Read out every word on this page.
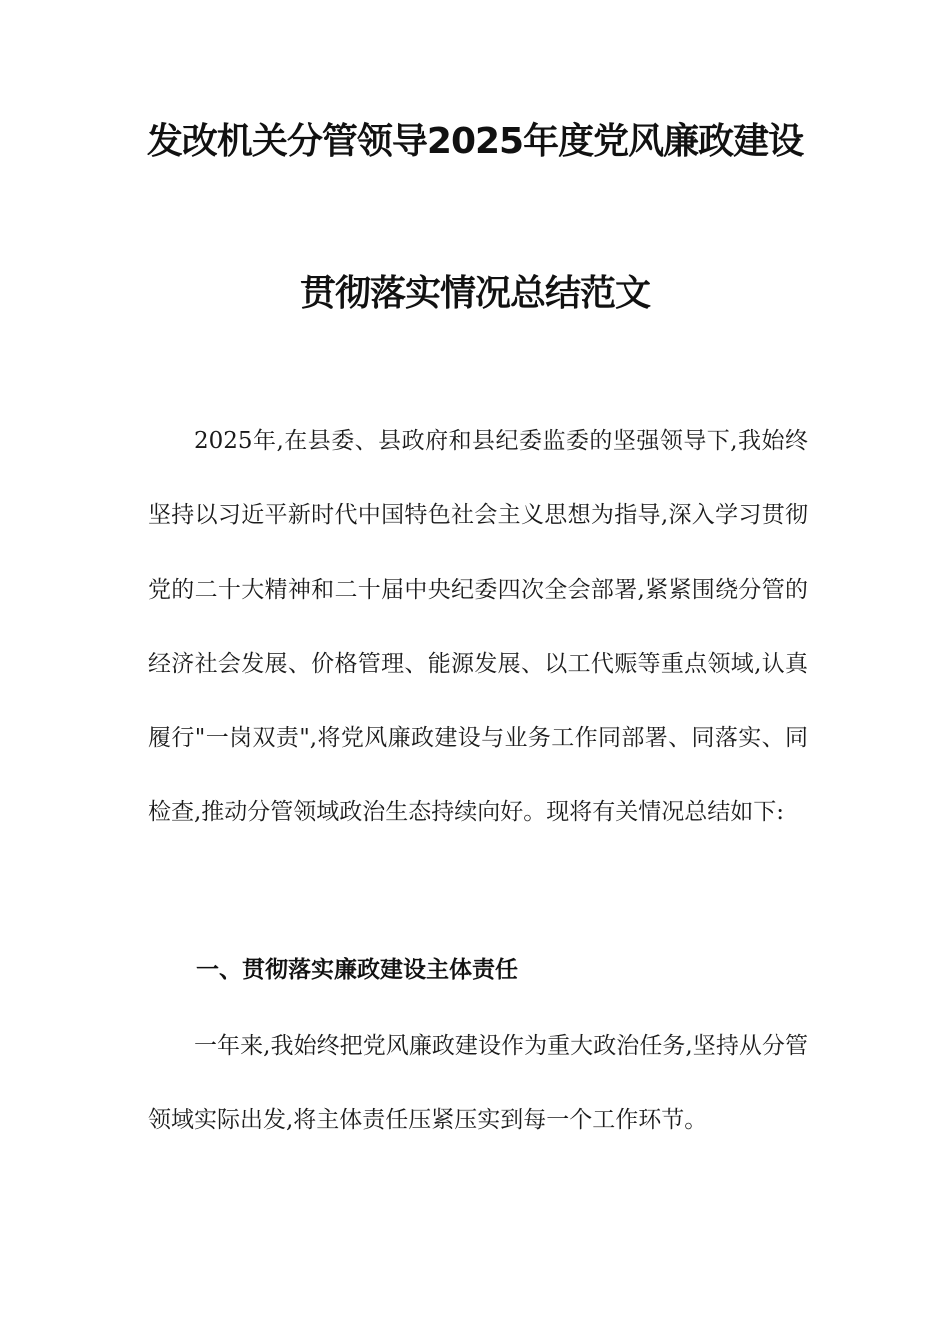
发改机关分管领导2025年度党风廉政建设
贯彻落实情况总结范文

2025年,在县委、县政府和县纪委监委的坚强领导下,我始终坚持以习近平新时代中国特色社会主义思想为指导,深入学习贯彻党的二十大精神和二十届中央纪委四次全会部署,紧紧围绕分管的经济社会发展、价格管理、能源发展、以工代赈等重点领域,认真履行"一岗双责",将党风廉政建设与业务工作同部署、同落实、同检查,推动分管领域政治生态持续向好。现将有关情况总结如下:

一、贯彻落实廉政建设主体责任

一年来,我始终把党风廉政建设作为重大政治任务,坚持从分管领域实际出发,将主体责任压紧压实到每一个工作环节。
